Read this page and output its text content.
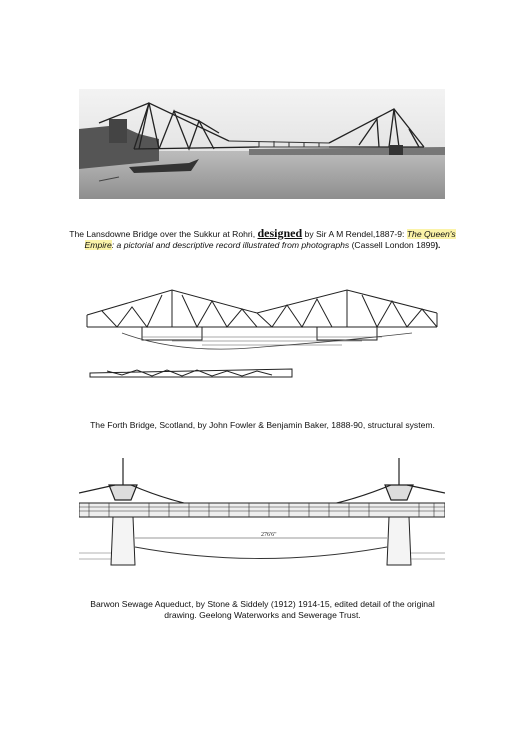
The Lansdowne Bridge over the Sukkur at Rohri, designed by Sir A M Rendel,1887-9: The Queen's Empire: a pictorial and descriptive record illustrated from photographs (Cassell London 1899).
The Forth Bridge, Scotland, by John Fowler & Benjamin Baker, 1888-90, structural system.
276'6"
Barwon Sewage Aqueduct, by Stone & Siddely (1912) 1914-15, edited detail of the original
drawing. Geelong Waterworks and Sewerage Trust.
